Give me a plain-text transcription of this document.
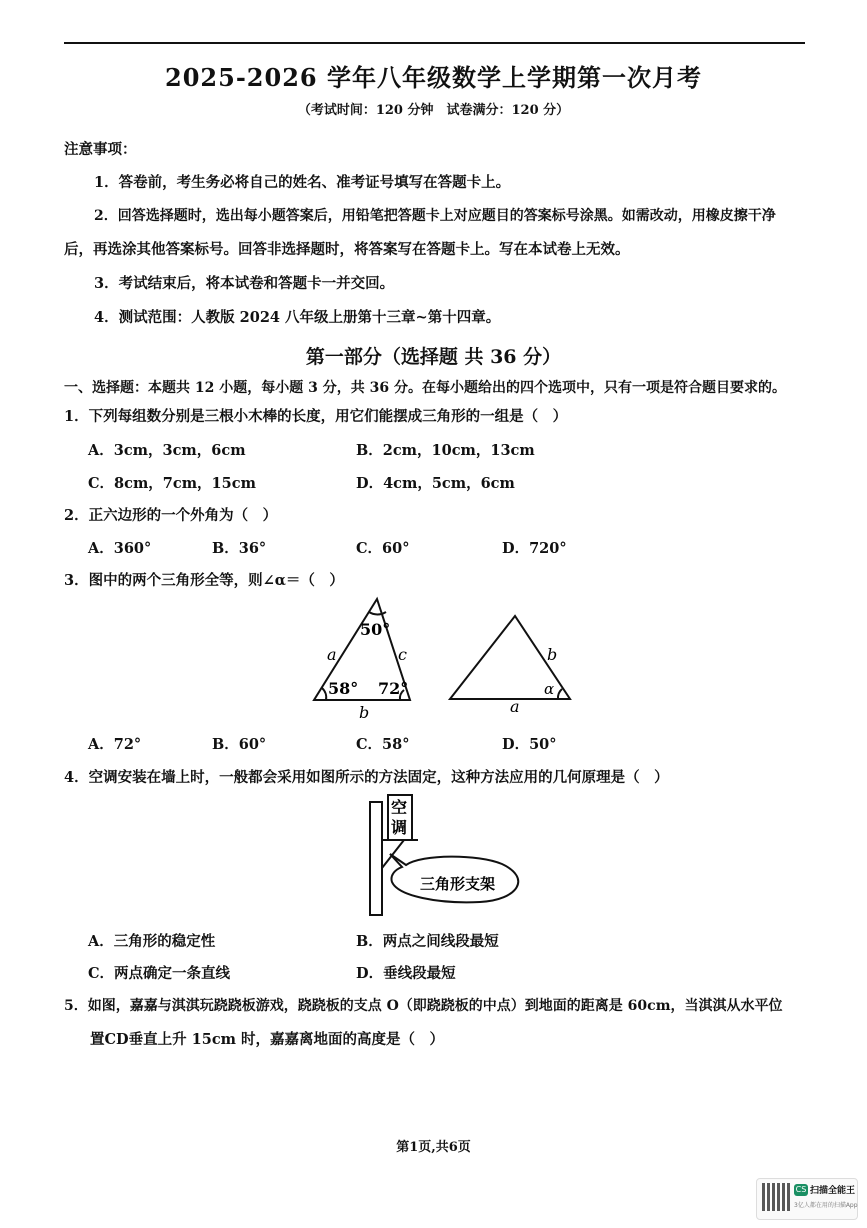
2025-2026 学年八年级数学上学期第一次月考
（考试时间：120 分钟　试卷满分：120 分）
注意事项：
1．答卷前，考生务必将自己的姓名、准考证号填写在答题卡上。
2．回答选择题时，选出每小题答案后，用铅笔把答题卡上对应题目的答案标号涂黑。如需改动，用橡皮擦干净
后，再选涂其他答案标号。回答非选择题时，将答案写在答题卡上。写在本试卷上无效。
3．考试结束后，将本试卷和答题卡一并交回。
4．测试范围：人教版 2024 八年级上册第十三章~第十四章。
第一部分（选择题 共 36 分）
一、选择题：本题共 12 小题，每小题 3 分，共 36 分。在每小题给出的四个选项中，只有一项是符合题目要求的。
1．下列每组数分别是三根小木棒的长度，用它们能摆成三角形的一组是（　）
A．3cm，3cm，6cm	B．2cm，10cm，13cm
C．8cm，7cm，15cm	D．4cm，5cm，6cm
2．正六边形的一个外角为（　）
A．360°	B．36°	C．60°	D．720°
3．图中的两个三角形全等，则∠α＝（　）
50°
58° 72°
a	c
b
b
α
a
A．72°	B．60°	C．58°	D．50°
4．空调安装在墙上时，一般都会采用如图所示的方法固定，这种方法应用的几何原理是（　）
空
调
三角形支架
A．三角形的稳定性	B．两点之间线段最短
C．两点确定一条直线	D．垂线段最短
5．如图，嘉嘉与淇淇玩跷跷板游戏，跷跷板的支点 O（即跷跷板的中点）到地面的距离是 60cm，当淇淇从水平位
置CD垂直上升 15cm 时，嘉嘉离地面的高度是（　）
第1页,共6页
CS 扫描全能王
3亿人都在用的扫描App
